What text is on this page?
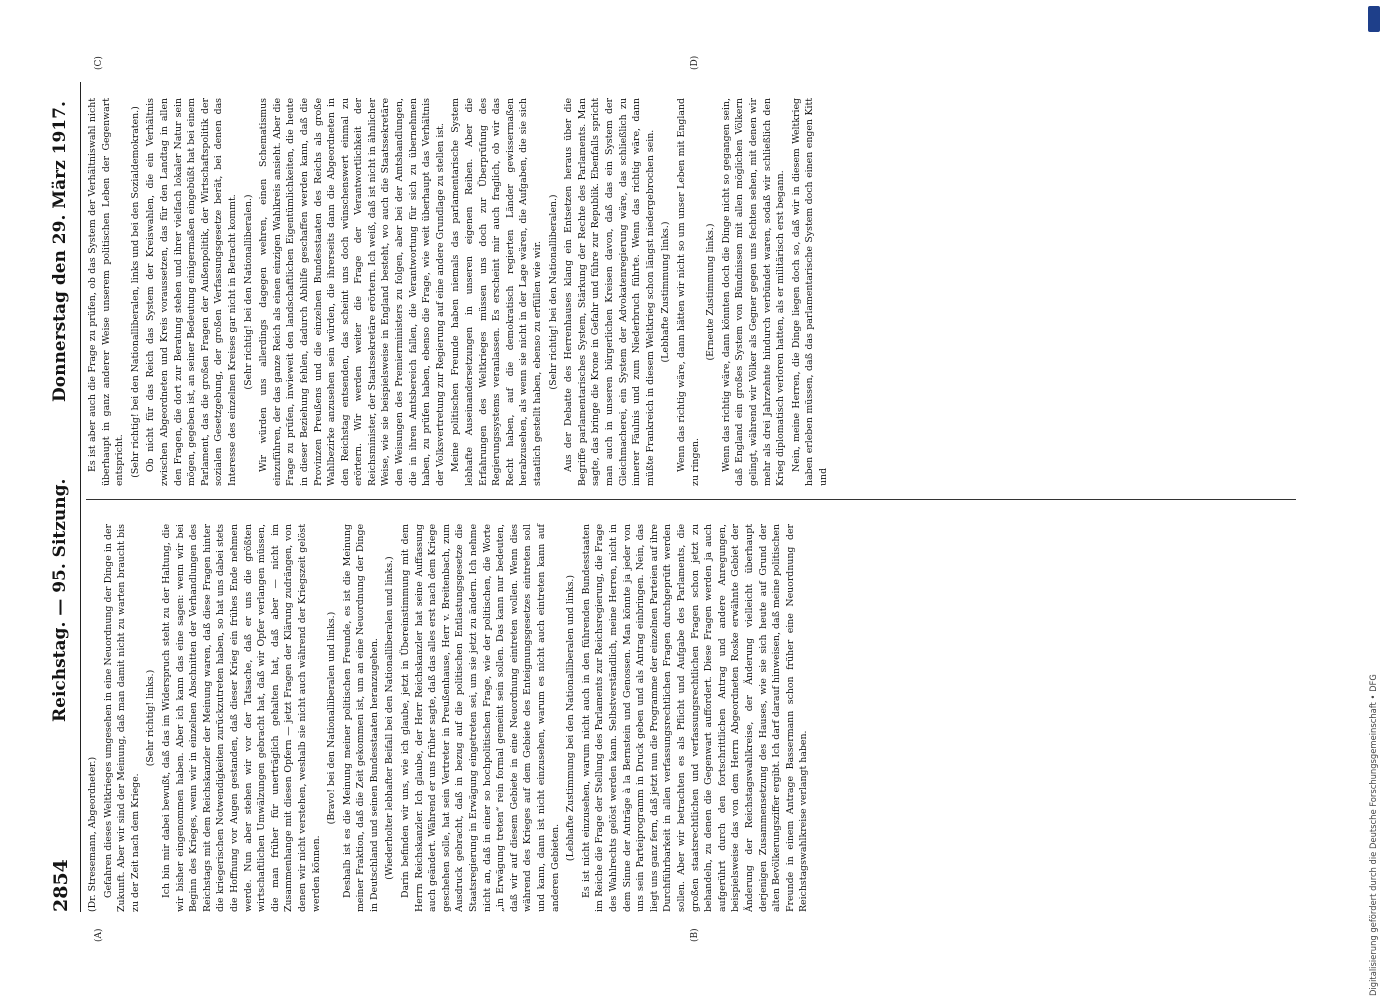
2854
Reichstag. — 95. Sitzung.
Donnerstag den 29. März 1917.
(A)	(B)
(C)	(D)

(Dr. Stresemann, Abgeordneter.) Gefahren dieses Weltkrieges umgesehen in eine Neuordnung der Dinge in der Zukunft. Aber wir sind der Meinung, daß man damit nicht zu warten braucht bis zu der Zeit nach dem Kriege.

(Sehr richtig! links.) Ich bin mir dabei bewußt, daß das im Widerspruch steht zu der Haltung, die wir bisher eingenommen haben. Aber ich kann das eine sagen: wenn wir bei Beginn des Krieges, wenn wir in einzelnen Abschnitten der Verhandlungen des Reichstags mit dem Reichskanzler der Meinung waren, daß diese Fragen hinter die kriegerischen Notwendigkeiten zurückzutreten haben, so hat uns dabei stets die Hoffnung vor Augen gestanden, daß dieser Krieg ein frühes Ende nehmen werde. Nun aber stehen wir vor der Tatsache, daß er uns die größten wirtschaftlichen Umwälzungen gebracht hat, daß wir Opfer verlangen müssen, die man früher für unerträglich gehalten hat, daß aber — nicht im Zusammenhange mit diesen Opfern — jetzt Fragen der Klärung zudrängen, von denen wir nicht verstehen, weshalb sie nicht auch während der Kriegszeit gelöst werden können.

(Bravo! bei den Nationalliberalen und links.) Deshalb ist es die Meinung meiner politischen Freunde, es ist die Meinung meiner Fraktion, daß die Zeit gekommen ist, um an eine Neuordnung der Dinge in Deutschland und seinen Bundesstaaten heranzugehen. (Wiederholter lebhafter Beifall bei den Nationalliberalen und links.) Darin befinden wir uns, wie ich glaube, jetzt in Übereinstimmung mit dem Herrn Reichskanzler. Ich glaube, der Herr Reichskanzler hat seine Auffassung auch geändert. Während er uns früher sagte, daß das alles erst nach dem Kriege geschehen solle, hat sein Vertreter in Preußenhause, Herr v. Breitenbach, zum Ausdruck gebracht, daß in bezug auf die politischen Entlastungsgesetze die Staatsregierung in Erwägung eingetreten sei, um sie jetzt zu ändern. Ich nehme nicht an, daß in einer so hochpolitischen Frage, wie der politischen, die Worte „in Erwägung treten“ rein formal gemeint sein sollen. Das kann nur bedeuten, daß wir auf diesem Gebiete in eine Neuordnung eintreten wollen. Wenn dies während des Krieges auf dem Gebiete des Enteignungsgesetzes eintreten soll und kann, dann ist nicht einzusehen, warum es nicht auch eintreten kann auf anderen Gebieten.

(Lebhafte Zustimmung bei den Nationalliberalen und links.) Es ist nicht einzusehen, warum nicht auch in den führenden Bundesstaaten im Reiche die Frage der Stellung des Parlaments zur Reichsregierung, die Frage des Wahlrechts gelöst werden kann. Selbstverständlich, meine Herren, nicht in dem Sinne der Anträge à la Bernstein und Genossen. Man könnte ja jeder von uns sein Parteiprogramm in Druck geben und als Antrag einbringen. Nein, das liegt uns ganz fern, daß jetzt nun die Programme der einzelnen Parteien auf ihre Durchführbarkeit in allen verfassungsrechtlichen Fragen durchgeprüft werden sollen. Aber wir betrachten es als Pflicht und Aufgabe des Parlaments, die großen staatsrechtlichen und verfassungsrechtlichen Fragen schon jetzt zu behandeln, zu denen die Gegenwart auffordert. Diese Fragen werden ja auch aufgerührt durch den fortschrittlichen Antrag und andere Anregungen, beispielsweise das von dem Herrn Abgeordneten Roske erwähnte Gebiet der Änderung der Reichstagswahlkreise, der Änderung vielleicht überhaupt derjenigen Zusammensetzung des Hauses, wie sie sich heute auf Grund der alten Bevölkerungsziffer ergibt. Ich darf darauf hinweisen, daß meine politischen Freunde in einem Antrage Bassermann schon früher eine Neuordnung der Reichstagswahlkreise verlangt haben.

Es ist aber auch die Frage zu prüfen, ob das System der Verhältniswahl nicht überhaupt in ganz anderer Weise unserem politischen Leben der Gegenwart entspricht. (Sehr richtig! bei den Nationalliberalen, links und bei den Sozialdemokraten.) Ob nicht für das Reich das System der Kreiswahlen, die ein Verhältnis zwischen Abgeordneten und Kreis voraussetzen, das für den Landtag in allen den Fragen, die dort zur Beratung stehen und ihrer vielfach lokaler Natur sein mögen, gegeben ist, an seiner Bedeutung einigermaßen eingebüßt hat bei einem Parlament, das die großen Fragen der Außenpolitik, der Wirtschaftspolitik der sozialen Gesetzgebung, der großen Verfassungsgesetze berät, bei denen das Interesse des einzelnen Kreises gar nicht in Betracht kommt. (Sehr richtig! bei den Nationalliberalen.) Wir würden uns allerdings dagegen wehren, einen Schematismus einzuführen, der das ganze Reich als einen einzigen Wahlkreis ansieht. Aber die Frage zu prüfen, inwieweit den landschaftlichen Eigentümlichkeiten, die heute in dieser Beziehung fehlen, dadurch Abhilfe geschaffen werden kann, daß die Provinzen Preußens und die einzelnen Bundesstaaten des Reichs als große Wahlbezirke anzusehen sein würden, die ihrerseits dann die Abgeordneten in den Reichstag entsenden, das scheint uns doch wünschenswert einmal zu erörtern. Wir werden weiter die Frage der Verantwortlichkeit der Reichsminister, der Staatssekretäre erörtern. Ich weiß, daß ist nicht in ähnlicher Weise, wie sie beispielsweise in England besteht, wo auch die Staatssekretäre den Weisungen des Premierministers zu folgen, aber bei der Amtshandlungen, die in ihren Amtsbereich fallen, die Verantwortung für sich zu übernehmen haben, zu prüfen haben, ebenso die Frage, wie weit überhaupt das Verhältnis der Volksvertretung zur Regierung auf eine andere Grundlage zu stellen ist. Meine politischen Freunde haben niemals das parlamentarische System lebhafte Auseinandersetzungen in unseren eigenen Reihen. Aber die Erfahrungen des Weltkrieges müssen uns doch zur Überprüfung des Regierungssystems veranlassen. Es erscheint mir auch fraglich, ob wir das Recht haben, auf die demokratisch regierten Länder gewissermaßen herabzusehen, als wenn sie nicht in der Lage wären, die Aufgaben, die sie sich staatlich gestellt haben, ebenso zu erfüllen wie wir. (Sehr richtig! bei den Nationalliberalen.) Aus der Debatte des Herrenhauses klang ein Entsetzen heraus über die Begriffe parlamentarisches System, Stärkung der Rechte des Parlaments. Man sagte, das bringe die Krone in Gefahr und führe zur Republik. Ebenfalls spricht man auch in unseren bürgerlichen Kreisen davon, daß das ein System der Gleichmacherei, ein System der Advokatenregierung wäre, das schließlich zu innerer Fäulnis und zum Niederbruch führte. Wenn das richtig wäre, dann müßte Frankreich in diesem Weltkrieg schon längst niedergebrochen sein. (Lebhafte Zustimmung links.) Wenn das richtig wäre, dann hätten wir nicht so um unser Leben mit England zu ringen.

(Erneute Zustimmung links.) Wenn das richtig wäre, dann könnten doch die Dinge nicht so gegangen sein, daß England ein großes System von Bündnissen mit allen möglichen Völkern gelingt, während wir Völker als Gegner gegen uns fechten sehen, mit denen wir mehr als drei Jahrzehnte hindurch verbündet waren, sodaß wir schließlich den Krieg diplomatisch verloren hatten, als er militärisch erst begann. Nein, meine Herren, die Dinge liegen doch so, daß wir in diesem Weltkrieg haben erleben müssen, daß das parlamentarische System doch einen engen Kitt und

Digitalisierung gefördert durch die Deutsche Forschungsgemeinschaft • DFG
